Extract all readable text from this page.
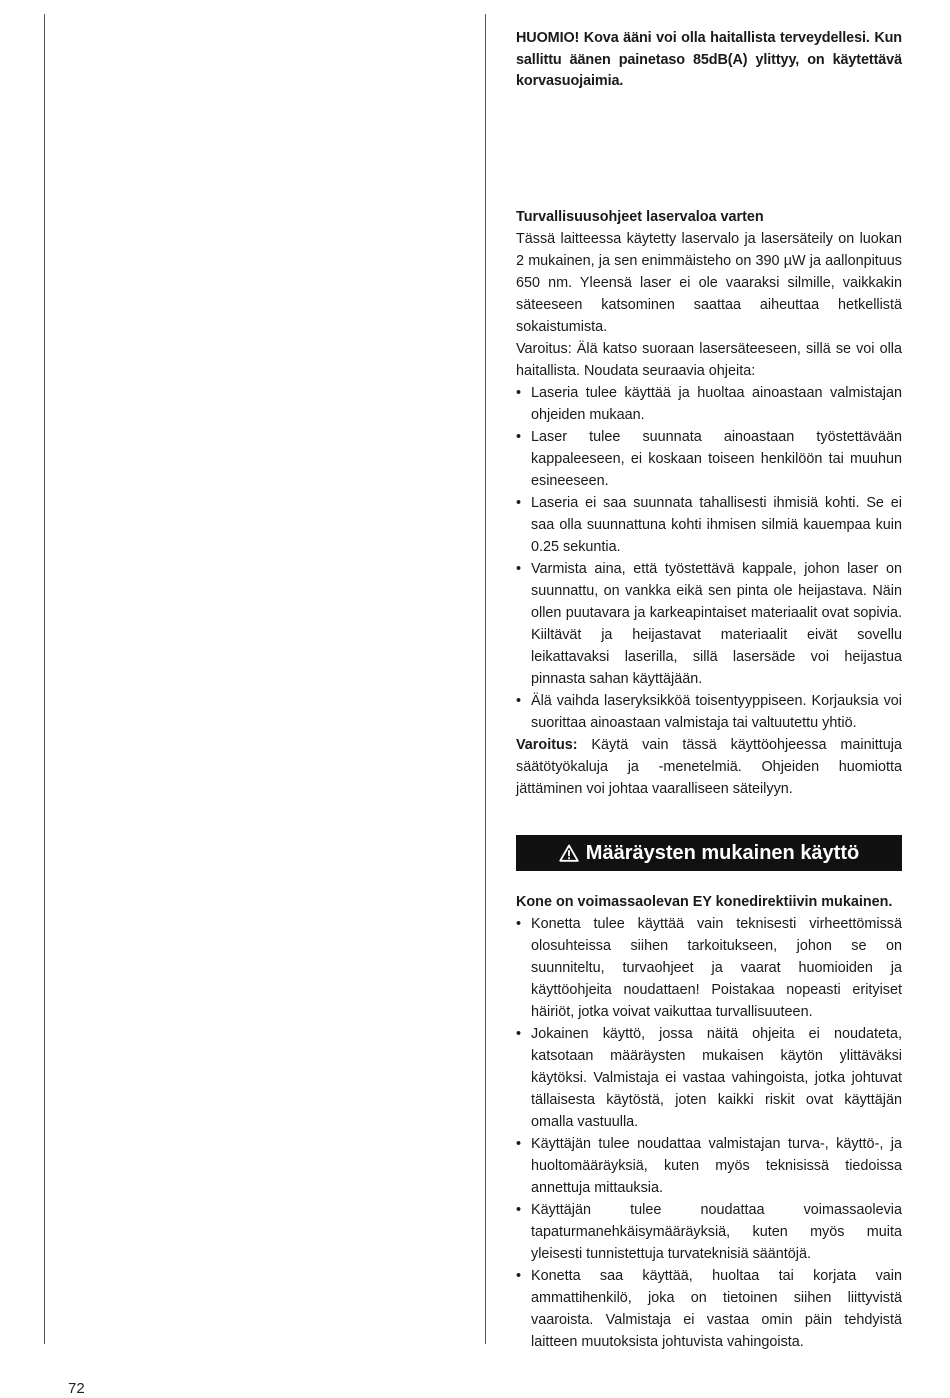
HUOMIO! Kova ääni voi olla haitallista terveydellesi. Kun sallittu äänen painetaso 85dB(A) ylittyy, on käytettävä korvasuojaimia.

Turvallisuusohjeet laservaloa varten

Tässä laitteessa käytetty laservalo ja lasersäteily on luokan 2 mukainen, ja sen enimmäisteho on 390 µW ja aallonpituus 650 nm. Yleensä laser ei ole vaaraksi silmille, vaikkakin säteeseen katsominen saattaa aiheuttaa hetkellistä sokaistumista.

Varoitus: Älä katso suoraan lasersäteeseen, sillä se voi olla haitallista. Noudata seuraavia ohjeita:

• Laseria tulee käyttää ja huoltaa ainoastaan valmistajan ohjeiden mukaan.
• Laser tulee suunnata ainoastaan työstettävään kappaleeseen, ei koskaan toiseen henkilöön tai muuhun esineeseen.
• Laseria ei saa suunnata tahallisesti ihmisiä kohti. Se ei saa olla suunnattuna kohti ihmisen silmiä kauempaa kuin 0.25 sekuntia.
• Varmista aina, että työstettävä kappale, johon laser on suunnattu, on vankka eikä sen pinta ole heijastava. Näin ollen puutavara ja karkeapintaiset materiaalit ovat sopivia. Kiiltävät ja heijastavat materiaalit eivät sovellu leikattavaksi laserilla, sillä lasersäde voi heijastua pinnasta sahan käyttäjään.
• Älä vaihda laseryksikköä toisentyyppiseen. Korjauksia voi suorittaa ainoastaan valmistaja tai valtuutettu yhtiö.

Varoitus: Käytä vain tässä käyttöohjeessa mainittuja säätötyökaluja ja -menetelmiä. Ohjeiden huomiotta jättäminen voi johtaa vaaralliseen säteilyyn.

Määräysten mukainen käyttö

Kone on voimassaolevan EY konedirektiivin mukainen.

• Konetta tulee käyttää vain teknisesti virheettömissä olosuhteissa siihen tarkoitukseen, johon se on suunniteltu, turvaohjeet ja vaarat huomioiden ja käyttöohjeita noudattaen! Poistakaa nopeasti erityiset häiriöt, jotka voivat vaikuttaa turvallisuuteen.
• Jokainen käyttö, jossa näitä ohjeita ei noudateta, katsotaan määräysten mukaisen käytön ylittäväksi käytöksi. Valmistaja ei vastaa vahingoista, jotka johtuvat tällaisesta käytöstä, joten kaikki riskit ovat käyttäjän omalla vastuulla.
• Käyttäjän tulee noudattaa valmistajan turva-, käyttö-, ja huoltomääräyksiä, kuten myös teknisissä tiedoissa annettuja mittauksia.
• Käyttäjän tulee noudattaa voimassaolevia tapaturmanehkäisymääräyksiä, kuten myös muita yleisesti tunnistettuja turvateknisiä sääntöjä.
• Konetta saa käyttää, huoltaa tai korjata vain ammattihenkilö, joka on tietoinen siihen liittyvistä vaaroista. Valmistaja ei vastaa omin päin tehdyistä laitteen muutoksista johtuvista vahingoista.
72
